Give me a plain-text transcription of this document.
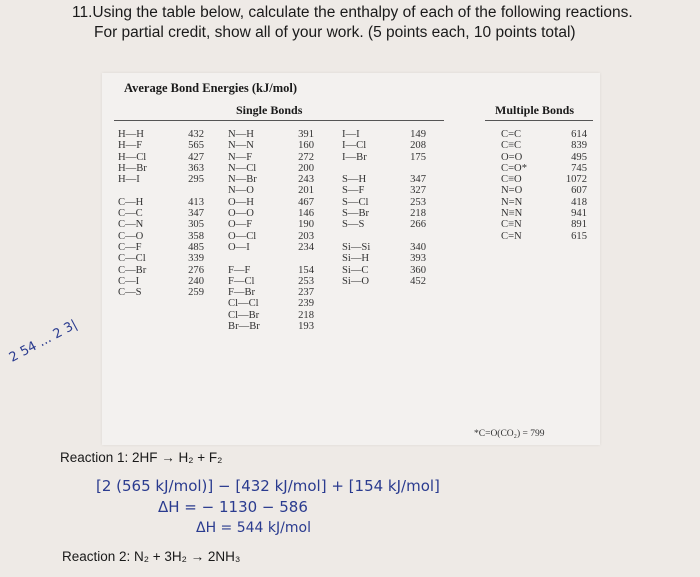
11.Using the table below, calculate the enthalpy of each of the following reactions.
For partial credit, show all of your work. (5 points each, 10 points total)
Average Bond Energies (kJ/mol)
Single Bonds	Multiple Bonds
H—H
H—F
H—Cl
H—Br
H—I
C—H
C—C
C—N
C—O
C—F
C—Cl
C—Br
C—I
C—S
432
565
427
363
295
413
347
305
358
485
339
276
240
259
N—H
N—N
N—F
N—Cl
N—Br
N—O
O—H
O—O
O—F
O—Cl
O—I
F—F
F—Cl
F—Br
Cl—Cl
Cl—Br
Br—Br
391
160
272
200
243
201
467
146
190
203
234
154
253
237
239
218
193
I—I
I—Cl
I—Br
S—H
S—F
S—Cl
S—Br
S—S
Si—Si
Si—H
Si—C
Si—O
149
208
175
347
327
253
218
266
340
393
360
452
C=C
C≡C
O=O
C=O*
C≡O
N=O
N=N
N≡N
C≡N
C=N
614
839
495
745
1072
607
418
941
891
615
*C=O(CO₂) = 799
Reaction 1: 2HF → H₂ + F₂
[2 (565 kJ/mol)] − [432 kJ/mol] + [154 kJ/mol]
ΔH = − 1130 − 586
ΔH = 544 kJ/mol
Reaction 2: N₂ + 3H₂ → 2NH₃
2 54 ... 2 3|
